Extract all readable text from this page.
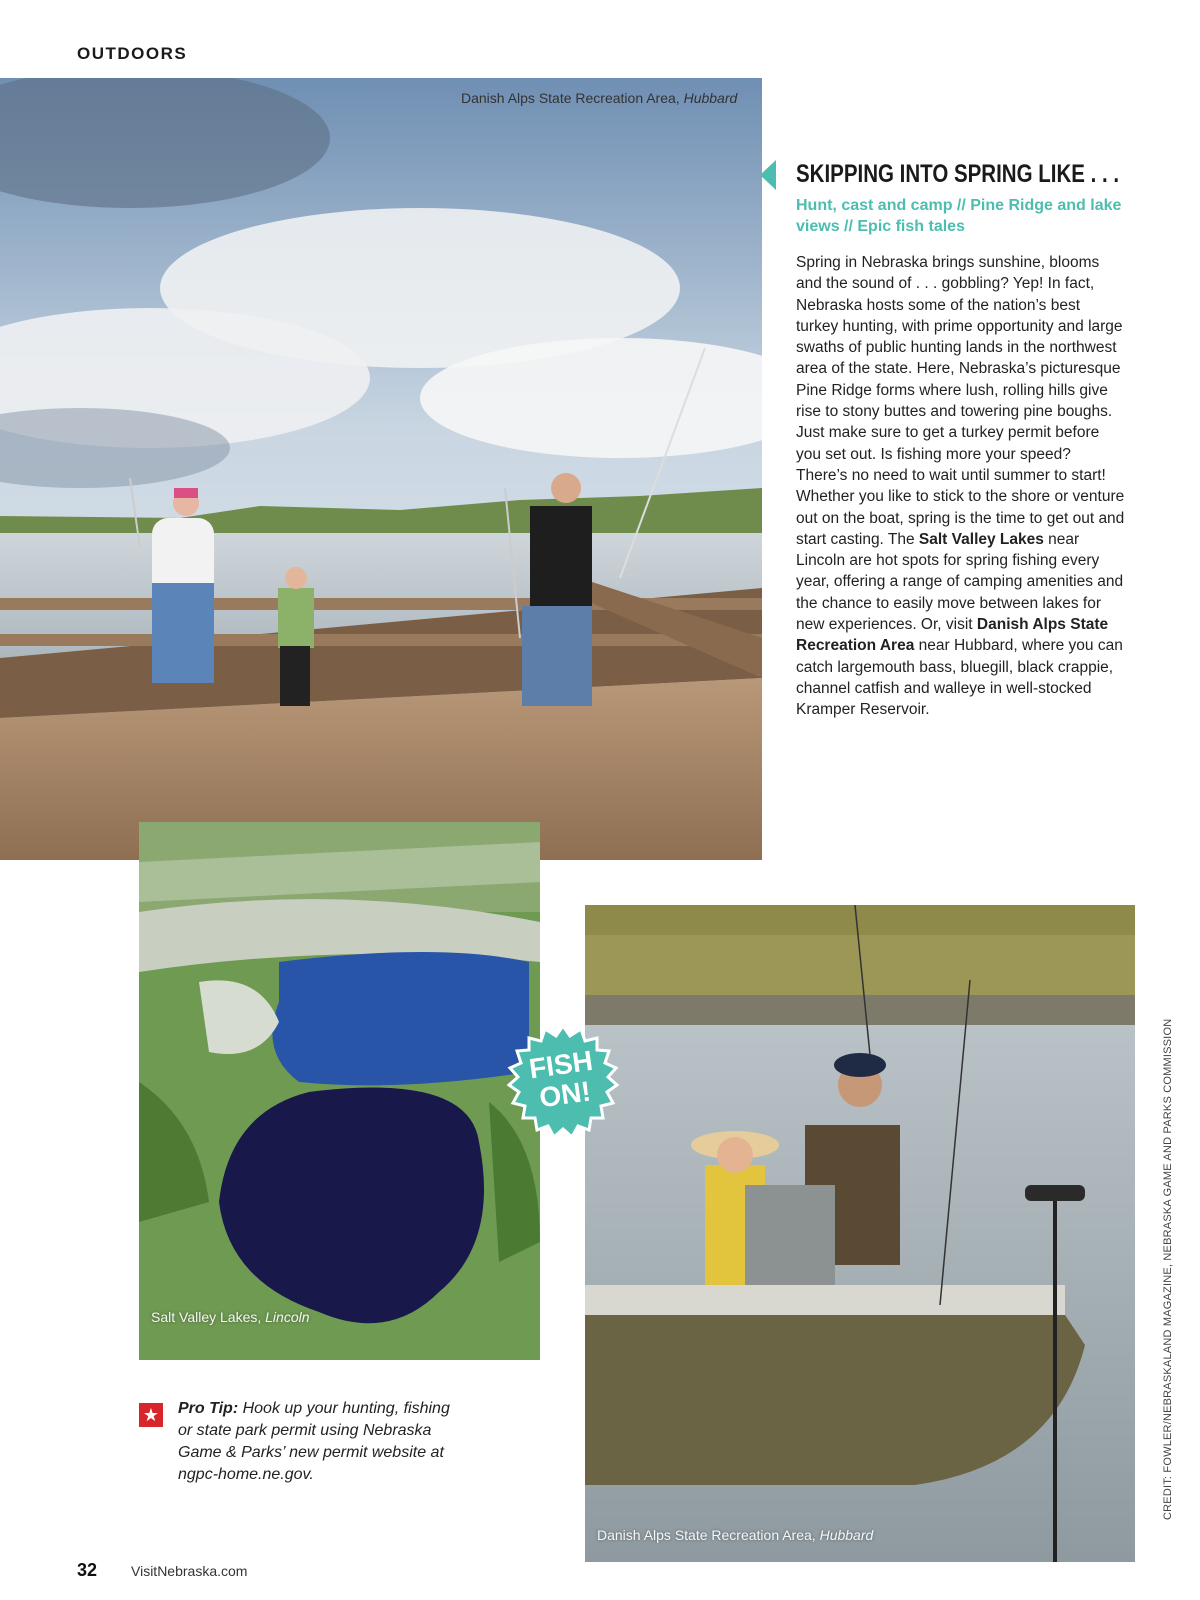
OUTDOORS
Danish Alps State Recreation Area, Hubbard
SKIPPING INTO SPRING LIKE . . .
Hunt, cast and camp // Pine Ridge and lake views // Epic fish tales
Spring in Nebraska brings sunshine, blooms and the sound of . . . gobbling? Yep! In fact, Nebraska hosts some of the nation’s best turkey hunting, with prime opportunity and large swaths of public hunting lands in the northwest area of the state. Here, Nebraska’s picturesque Pine Ridge forms where lush, rolling hills give rise to stony buttes and towering pine boughs. Just make sure to get a turkey permit before you set out. Is fishing more your speed? There’s no need to wait until summer to start! Whether you like to stick to the shore or venture out on the boat, spring is the time to get out and start casting. The Salt Valley Lakes near Lincoln are hot spots for spring fishing every year, offering a range of camping amenities and the chance to easily move between lakes for new experiences. Or, visit Danish Alps State Recreation Area near Hubbard, where you can catch largemouth bass, bluegill, black crappie, channel catfish and walleye in well-stocked Kramper Reservoir.
Salt Valley Lakes, Lincoln
Danish Alps State Recreation Area, Hubbard
FISH
ON!
★ Pro Tip: Hook up your hunting, fishing or state park permit using Nebraska Game & Parks’ new permit website at ngpc-home.ne.gov.	CREDIT: FOWLER/NEBRASKALAND MAGAZINE, NEBRASKA GAME AND PARKS COMMISSION
32 VisitNebraska.com
